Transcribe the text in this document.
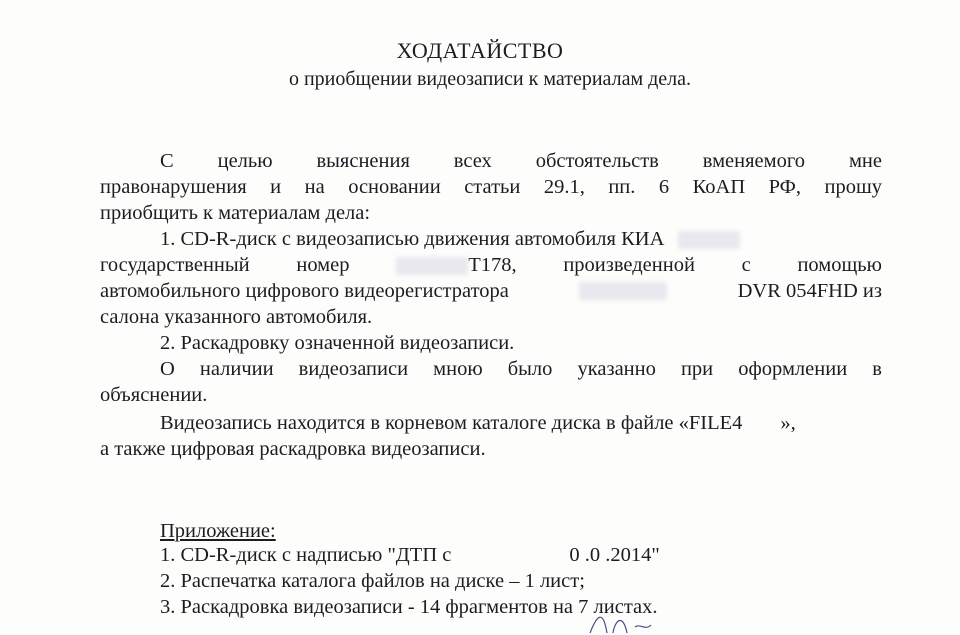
ХОДАТАЙСТВО
о приобщении видеозаписи к материалам дела.
С целью выяснения всех обстоятельств вменяемого мне
правонарушения и на основании статьи 29.1, пп. 6 КоАП РФ, прошу
приобщить к материалам дела:
1. CD-R-диск с видеозаписью движения автомобиля КИА
государственный номер	Т178, произведенной с помощью
автомобильного цифрового видеорегистратора	DVR 054FHD из
салона указанного автомобиля.
2. Раскадровку означенной видеозаписи.
О наличии видеозаписи мною было указанно при оформлении в
объяснении.
Видеозапись находится в корневом каталоге диска в файле «FILE4 »,
а также цифровая раскадровка видеозаписи.
Приложение:
1. CD-R-диск с надписью "ДТП с	0 .0 .2014"
2. Распечатка каталога файлов на диске – 1 лист;
3. Раскадровка видеозаписи - 14 фрагментов на 7 листах.
